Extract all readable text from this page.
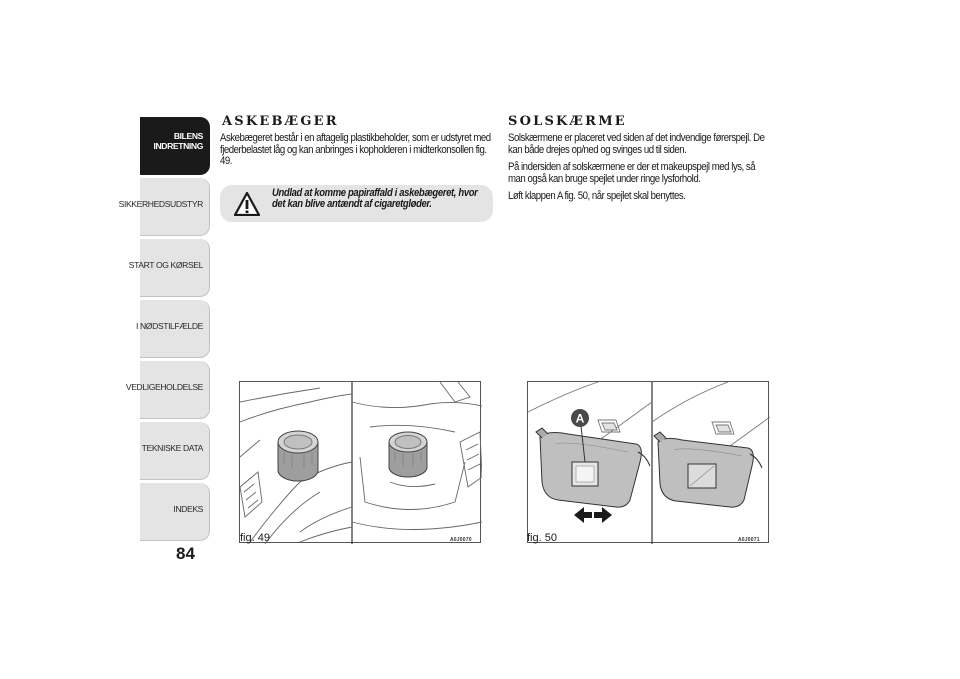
BILENS INDRETNING
SIKKERHEDSUDSTYR
START OG KØRSEL
I NØDSTILFÆLDE
VEDLIGEHOLDELSE
TEKNISKE DATA
INDEKS
84
ASKEBÆGER

Askebægeret består i en aftagelig plastikbeholder, som er udstyret med fjederbelastet låg og kan anbringes i kopholderen i midterkonsollen fig. 49.

Undlad at komme papiraffald i askebægeret, hvor det kan blive antændt af cigaretgløder.
fig. 49	A0J0070
SOLSKÆRME

Solskærmene er placeret ved siden af det indvendige førerspejl. De kan både drejes op/ned og svinges ud til siden.

På indersiden af solskærmene er der et makeupspejl med lys, så man også kan bruge spejlet under ringe lysforhold.

Løft klappen A fig. 50, når spejlet skal benyttes.

A
fig. 50	A0J0071
